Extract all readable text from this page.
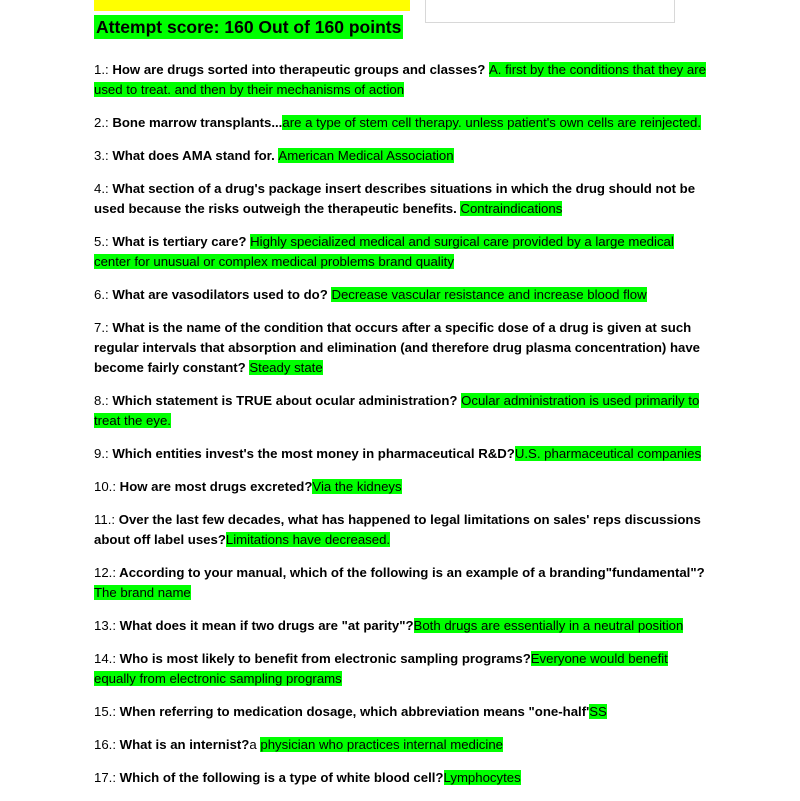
Attempt score: 160 Out of 160 points
1.: How are drugs sorted into therapeutic groups and classes? A. first by the conditions that they are used to treat. and then by their mechanisms of action
2.: Bone marrow transplants...are a type of stem cell therapy. unless patient's own cells are reinjected.
3.: What does AMA stand for. American Medical Association
4.: What section of a drug's package insert describes situations in which the drug should not be used because the risks outweigh the therapeutic benefits. Contraindications
5.: What is tertiary care? Highly specialized medical and surgical care provided by a large medical center for unusual or complex medical problems brand quality
6.: What are vasodilators used to do? Decrease vascular resistance and increase blood flow
7.: What is the name of the condition that occurs after a specific dose of a drug is given at such regular intervals that absorption and elimination (and therefore drug plasma concentration) have become fairly constant? Steady state
8.: Which statement is TRUE about ocular administration? Ocular administration is used primarily to treat the eye.
9.: Which entities invest's the most money in pharmaceutical R&D?U.S. pharmaceutical companies
10.: How are most drugs excreted?Via the kidneys
11.: Over the last few decades, what has happened to legal limitations on sales' reps discussions about off label uses?Limitations have decreased.
12.: According to your manual, which of the following is an example of a branding"fundamental"?The brand name
13.: What does it mean if two drugs are "at parity"?Both drugs are essentially in a neutral position
14.: Who is most likely to benefit from electronic sampling programs?Everyone would benefit equally from electronic sampling programs
15.: When referring to medication dosage, which abbreviation means "one-half'SS
16.: What is an internist?a physician who practices internal medicine
17.: Which of the following is a type of white blood cell?Lymphocytes
